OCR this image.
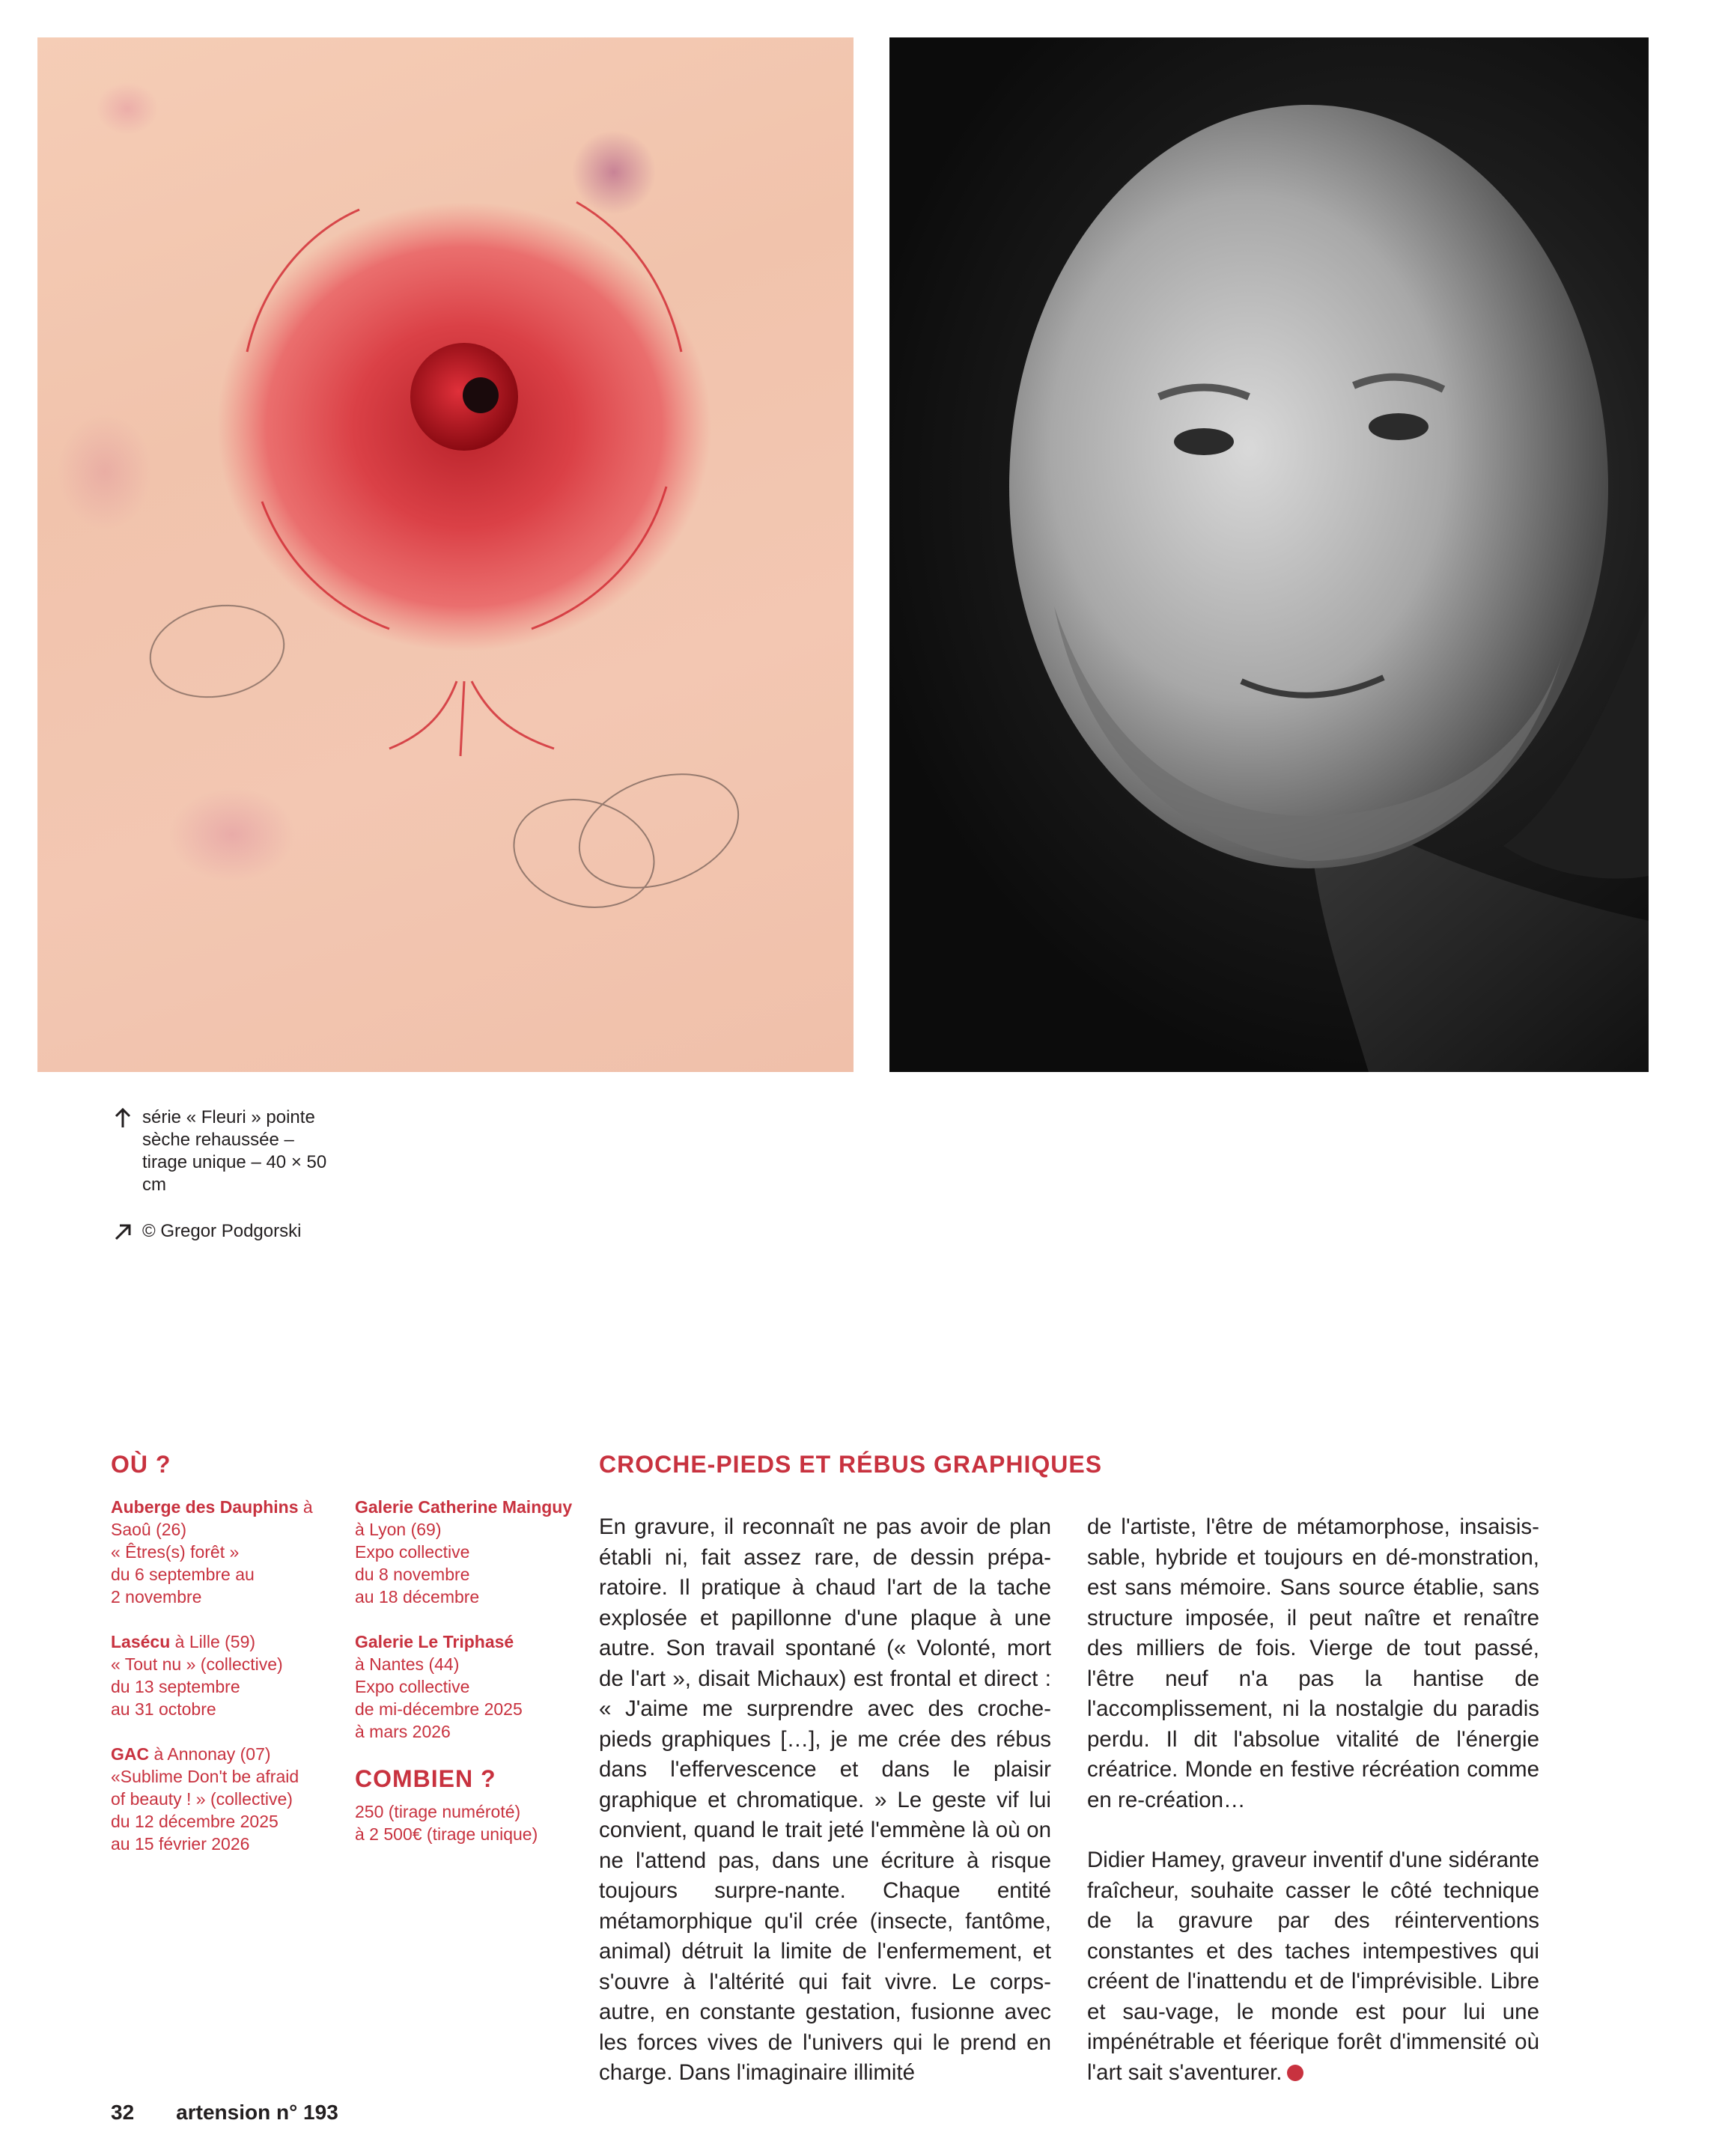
série « Fleuri » pointe sèche rehaussée – tirage unique – 40 × 50 cm
© Gregor Podgorski
OÙ ?
Auberge des Dauphins à Saoû (26)
« Êtres(s) forêt »
du 6 septembre au
2 novembre
Lasécu à Lille (59)
« Tout nu » (collective)
du 13 septembre
au 31 octobre
GAC à Annonay (07)
«Sublime Don't be afraid
of beauty ! » (collective)
du 12 décembre 2025
au 15 février 2026
Galerie Catherine Mainguy à Lyon (69)
Expo collective
du 8 novembre
au 18 décembre
Galerie Le Triphasé
à Nantes (44)
Expo collective
de mi-décembre 2025
à mars 2026
COMBIEN ?
250 (tirage numéroté)
à 2 500€ (tirage unique)
CROCHE-PIEDS ET RÉBUS GRAPHIQUES

En gravure, il reconnaît ne pas avoir de plan établi ni, fait assez rare, de dessin prépa-ratoire. Il pratique à chaud l'art de la tache explosée et papillonne d'une plaque à une autre. Son travail spontané (« Volonté, mort de l'art », disait Michaux) est frontal et direct : « J'aime me surprendre avec des croche-pieds graphiques […], je me crée des rébus dans l'effervescence et dans le plaisir graphique et chromatique. » Le geste vif lui convient, quand le trait jeté l'emmène là où on ne l'attend pas, dans une écriture à risque toujours surpre-nante. Chaque entité métamorphique qu'il crée (insecte, fantôme, animal) détruit la limite de l'enfermement, et s'ouvre à l'altérité qui fait vivre. Le corps-autre, en constante gestation, fusionne avec les forces vives de l'univers qui le prend en charge. Dans l'imaginaire illimité

de l'artiste, l'être de métamorphose, insaisis-sable, hybride et toujours en dé-monstration, est sans mémoire. Sans source établie, sans structure imposée, il peut naître et renaître des milliers de fois. Vierge de tout passé, l'être neuf n'a pas la hantise de l'accomplissement, ni la nostalgie du paradis perdu. Il dit l'absolue vitalité de l'énergie créatrice. Monde en festive récréation comme en re-création…

Didier Hamey, graveur inventif d'une sidérante fraîcheur, souhaite casser le côté technique de la gravure par des réinterventions constantes et des taches intempestives qui créent de l'inattendu et de l'imprévisible. Libre et sau-vage, le monde est pour lui une impénétrable et féerique forêt d'immensité où l'art sait s'aventurer.

32 artension n° 193
